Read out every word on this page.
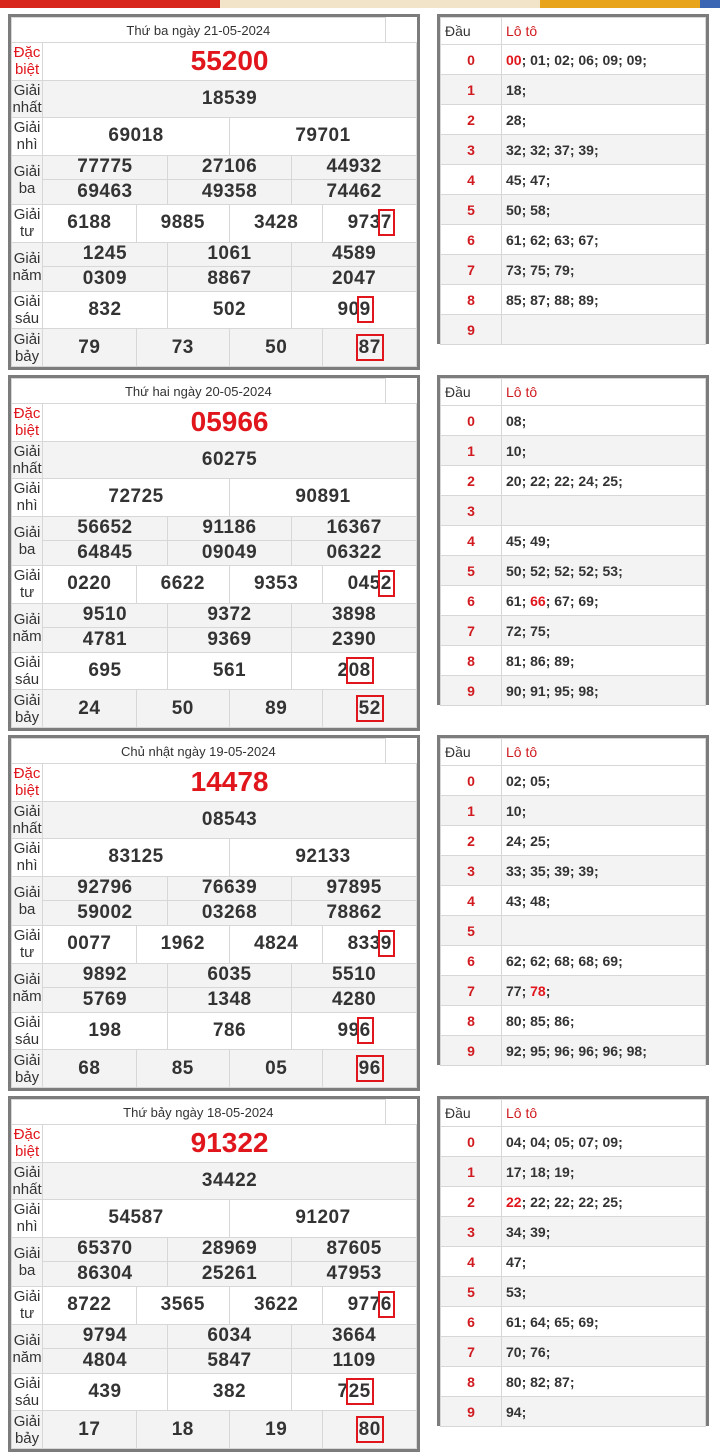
Thứ ba ngày 21-05-2024						
Đặc biệt	55200					
Giải nhất	18539					
Giải nhì	69018			79701		
Giải ba	77775		27106		44932	
	69463		49358		74462	
Giải tư	6188	9885		3428		9737
Giải năm	1245		1061		4589	
	0309		8867		2047	
Giải sáu	832		502		909	
Giải bảy	79	73		50		87
Đầu	Lô tô
0	00; 01; 02; 06; 09; 09;
1	18;
2	28;
3	32; 32; 37; 39;
4	45; 47;
5	50; 58;
6	61; 62; 63; 67;
7	73; 75; 79;
8	85; 87; 88; 89;
9	
Thứ hai ngày 20-05-2024						
Đặc biệt	05966					
Giải nhất	60275					
Giải nhì	72725			90891		
Giải ba	56652		91186		16367	
	64845		09049		06322	
Giải tư	0220	6622		9353		0452
Giải năm	9510		9372		3898	
	4781		9369		2390	
Giải sáu	695		561		208	
Giải bảy	24	50		89		52
Đầu	Lô tô
0	08;
1	10;
2	20; 22; 22; 24; 25;
3	
4	45; 49;
5	50; 52; 52; 52; 53;
6	61; 66; 67; 69;
7	72; 75;
8	81; 86; 89;
9	90; 91; 95; 98;
Chủ nhật ngày 19-05-2024						
Đặc biệt	14478					
Giải nhất	08543					
Giải nhì	83125			92133		
Giải ba	92796		76639		97895	
	59002		03268		78862	
Giải tư	0077	1962		4824		8339
Giải năm	9892		6035		5510	
	5769		1348		4280	
Giải sáu	198		786		996	
Giải bảy	68	85		05		96
Đầu	Lô tô
0	02; 05;
1	10;
2	24; 25;
3	33; 35; 39; 39;
4	43; 48;
5	
6	62; 62; 68; 68; 69;
7	77; 78;
8	80; 85; 86;
9	92; 95; 96; 96; 96; 98;
Thứ bảy ngày 18-05-2024						
Đặc biệt	91322					
Giải nhất	34422					
Giải nhì	54587			91207		
Giải ba	65370		28969		87605	
	86304		25261		47953	
Giải tư	8722	3565		3622		9776
Giải năm	9794		6034		3664	
	4804		5847		1109	
Giải sáu	439		382		725	
Giải bảy	17	18		19		80
Đầu	Lô tô
0	04; 04; 05; 07; 09;
1	17; 18; 19;
2	22; 22; 22; 22; 25;
3	34; 39;
4	47;
5	53;
6	61; 64; 65; 69;
7	70; 76;
8	80; 82; 87;
9	94;
